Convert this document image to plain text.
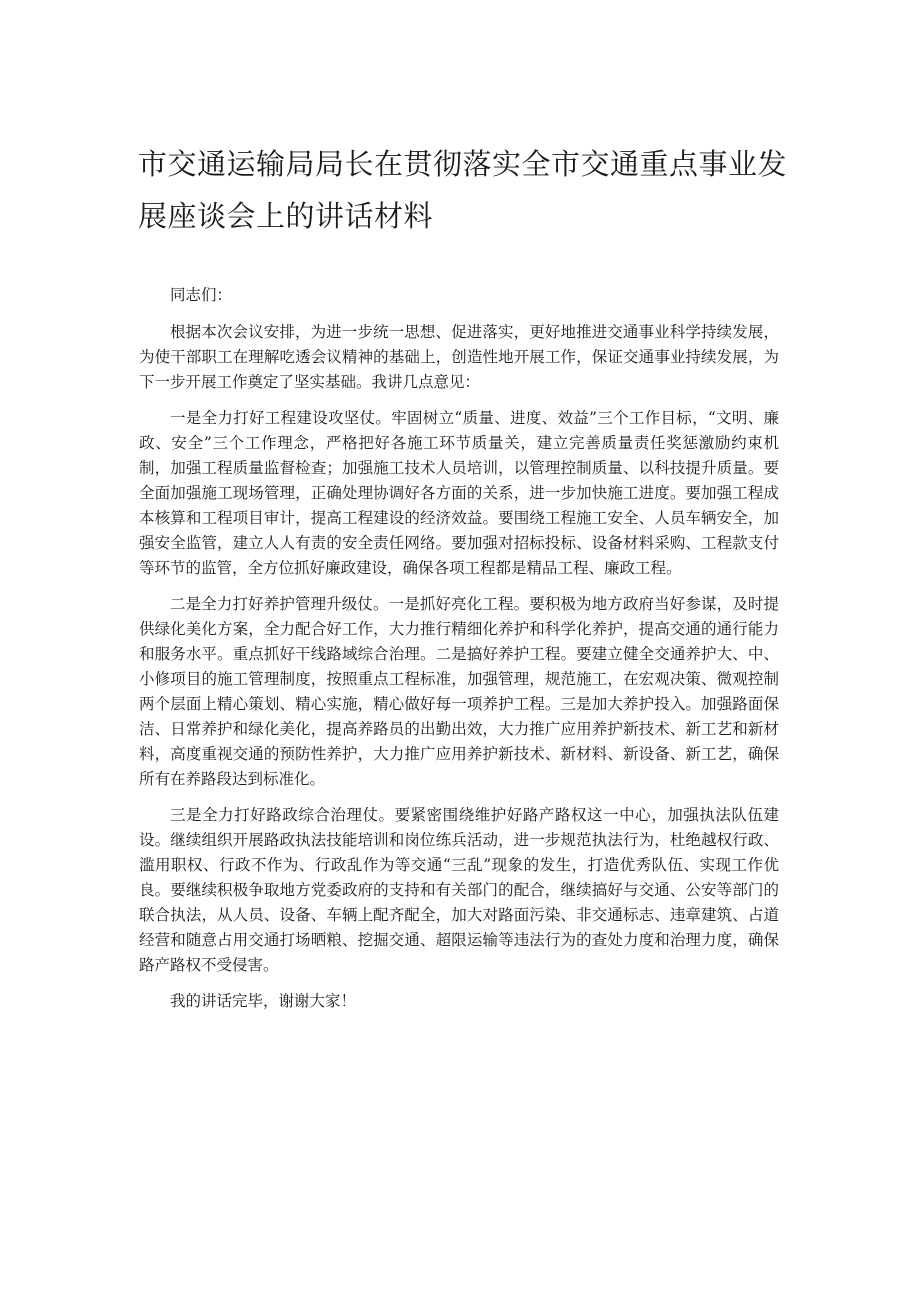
市交通运输局局长在贯彻落实全市交通重点事业发展座谈会上的讲话材料

同志们：

根据本次会议安排，为进一步统一思想、促进落实，更好地推进交通事业科学持续发展，为使干部职工在理解吃透会议精神的基础上，创造性地开展工作，保证交通事业持续发展，为下一步开展工作奠定了坚实基础。我讲几点意见：

一是全力打好工程建设攻坚仗。牢固树立“质量、进度、效益”三个工作目标，“文明、廉政、安全”三个工作理念，严格把好各施工环节质量关，建立完善质量责任奖惩激励约束机制，加强工程质量监督检查；加强施工技术人员培训，以管理控制质量、以科技提升质量。要全面加强施工现场管理，正确处理协调好各方面的关系，进一步加快施工进度。要加强工程成本核算和工程项目审计，提高工程建设的经济效益。要围绕工程施工安全、人员车辆安全，加强安全监管，建立人人有责的安全责任网络。要加强对招标投标、设备材料采购、工程款支付等环节的监管，全方位抓好廉政建设，确保各项工程都是精品工程、廉政工程。

二是全力打好养护管理升级仗。一是抓好亮化工程。要积极为地方政府当好参谋，及时提供绿化美化方案，全力配合好工作，大力推行精细化养护和科学化养护，提高交通的通行能力和服务水平。重点抓好干线路域综合治理。二是搞好养护工程。要建立健全交通养护大、中、小修项目的施工管理制度，按照重点工程标准，加强管理，规范施工，在宏观决策、微观控制两个层面上精心策划、精心实施，精心做好每一项养护工程。三是加大养护投入。加强路面保洁、日常养护和绿化美化，提高养路员的出勤出效，大力推广应用养护新技术、新工艺和新材料，高度重视交通的预防性养护，大力推广应用养护新技术、新材料、新设备、新工艺，确保所有在养路段达到标准化。

三是全力打好路政综合治理仗。要紧密围绕维护好路产路权这一中心，加强执法队伍建设。继续组织开展路政执法技能培训和岗位练兵活动，进一步规范执法行为，杜绝越权行政、滥用职权、行政不作为、行政乱作为等交通“三乱”现象的发生，打造优秀队伍、实现工作优良。要继续积极争取地方党委政府的支持和有关部门的配合，继续搞好与交通、公安等部门的联合执法，从人员、设备、车辆上配齐配全，加大对路面污染、非交通标志、违章建筑、占道经营和随意占用交通打场晒粮、挖掘交通、超限运输等违法行为的查处力度和治理力度，确保路产路权不受侵害。

我的讲话完毕，谢谢大家！
